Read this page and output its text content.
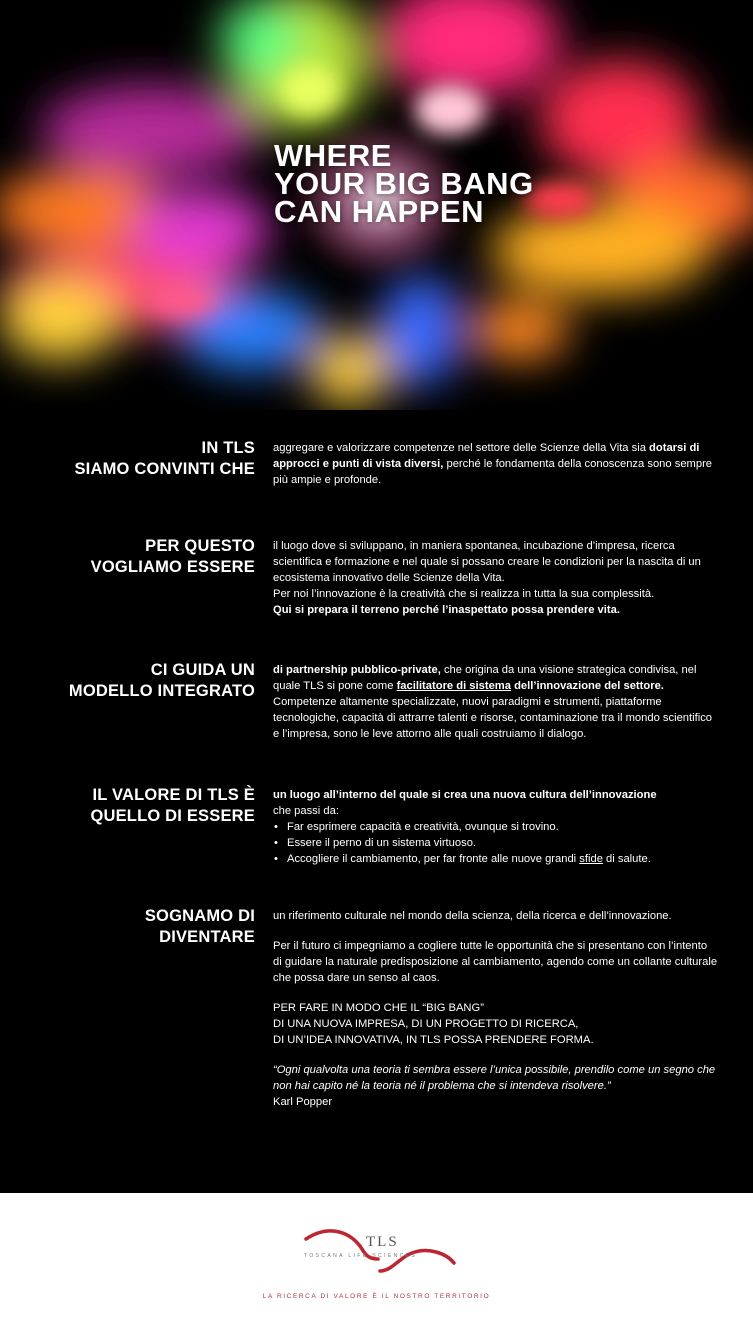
WHERE
YOUR BIG BANG
CAN HAPPEN
IN TLS
SIAMO CONVINTI CHE

aggregare e valorizzare competenze nel settore delle Scienze della Vita sia dotarsi di approcci e punti di vista diversi, perché le fondamenta della conoscenza sono sempre più ampie e profonde.

PER QUESTO
VOGLIAMO ESSERE

il luogo dove si sviluppano, in maniera spontanea, incubazione d’impresa, ricerca scientifica e formazione e nel quale si possano creare le condizioni per la nascita di un ecosistema innovativo delle Scienze della Vita.

Per noi l’innovazione è la creatività che si realizza in tutta la sua complessità.

Qui si prepara il terreno perché l’inaspettato possa prendere vita.

CI GUIDA UN
MODELLO INTEGRATO

di partnership pubblico-private, che origina da una visione strategica condivisa, nel quale TLS si pone come facilitatore di sistema dell’innovazione del settore.

Competenze altamente specializzate, nuovi paradigmi e strumenti, piattaforme tecnologiche, capacità di attrarre talenti e risorse, contaminazione tra il mondo scientifico e l’impresa, sono le leve attorno alle quali costruiamo il dialogo.

IL VALORE DI TLS È
QUELLO DI ESSERE

un luogo all’interno del quale si crea una nuova cultura dell’innovazione

che passi da:

• Far esprimere capacità e creatività, ovunque si trovino.
• Essere il perno di un sistema virtuoso.
• Accogliere il cambiamento, per far fronte alle nuove grandi sfide di salute.
SOGNAMO DI
DIVENTARE

un riferimento culturale nel mondo della scienza, della ricerca e dell’innovazione.

Per il futuro ci impegniamo a cogliere tutte le opportunità che si presentano con l’intento di guidare la naturale predisposizione al cambiamento, agendo come un collante culturale che possa dare un senso al caos.

PER FARE IN MODO CHE IL “BIG BANG”

DI UNA NUOVA IMPRESA, DI UN PROGETTO DI RICERCA,

DI UN’IDEA INNOVATIVA, IN TLS POSSA PRENDERE FORMA.

“Ogni qualvolta una teoria ti sembra essere l’unica possibile, prendilo come un segno che non hai capito né la teoria né il problema che si intendeva risolvere.”

Karl Popper

TLS
TOSCANA LIFE SCIENCES
LA RICERCA DI VALORE È IL NOSTRO TERRITORIO
